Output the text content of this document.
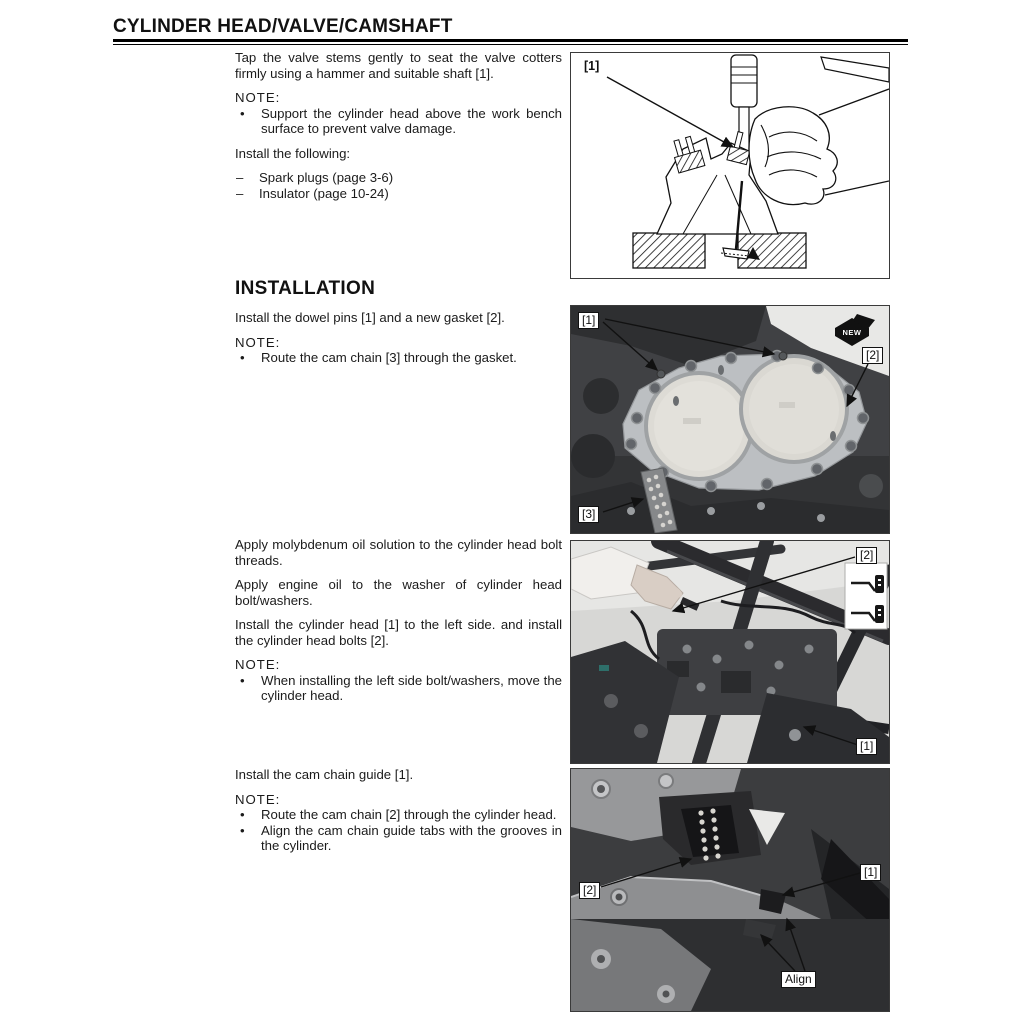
CYLINDER HEAD/VALVE/CAMSHAFT

Tap the valve stems gently to seat the valve cotters firmly using a hammer and suitable shaft [1].

NOTE:
•	Support the cylinder head above the work bench surface to prevent valve damage.

Install the following:

–	Spark plugs (page 3-6)
–	Insulator (page 10-24)
INSTALLATION

Install the dowel pins [1] and a new gasket [2].

NOTE:
•	Route the cam chain [3] through the gasket.

Apply molybdenum oil solution to the cylinder head bolt threads.

Apply engine oil to the washer of cylinder head bolt/washers.

Install the cylinder head [1] to the left side. and install the cylinder head bolts [2].

NOTE:
•	When installing the left side bolt/washers, move the cylinder head.

Install the cam chain guide [1].

NOTE:
•	Route the cam chain [2] through the cylinder head.
•	Align the cam chain guide tabs with the grooves in the cylinder.
[1]
NEW
[1]
[2]
[3]
[2]
[1]
[2]
[1]
Align
